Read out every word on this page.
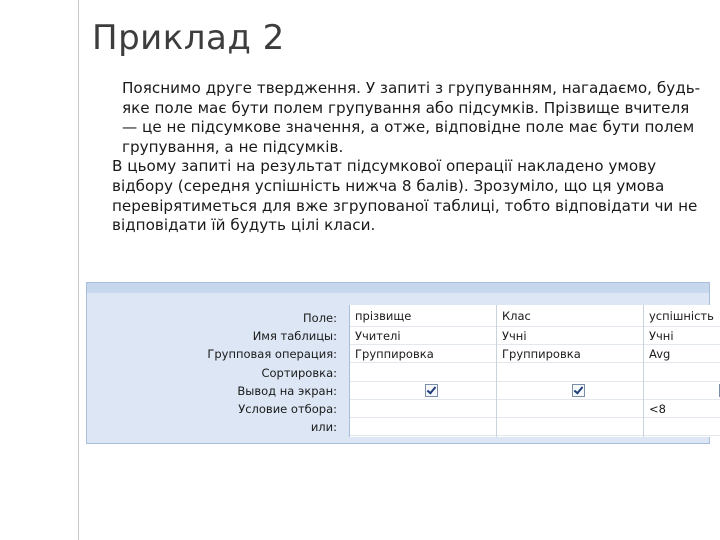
Приклад 2

Пояснимо друге твердження. У запиті з групуванням, нагадаємо, будь-яке поле має бути полем групування або підсумків. Прізвище вчителя — це не підсумкове значення, а отже, відповідне поле має бути полем групування, а не підсумків.

В цьому запиті на результат підсумкової операції накладено умову відбору (середня успішність нижча 8 балів). Зрозуміло, що ця умова перевірятиметься для вже згрупованої таблиці, тобто відповідати чи не відповідати їй будуть цілі класи.

Поле:
Имя таблицы:
Групповая операция:
Сортировка:
Вывод на экран:
Условие отбора:
или:
прізвище
Учителі
Группировка
Клас
Учні
Группировка
успішність
Учні
Avg
<8
